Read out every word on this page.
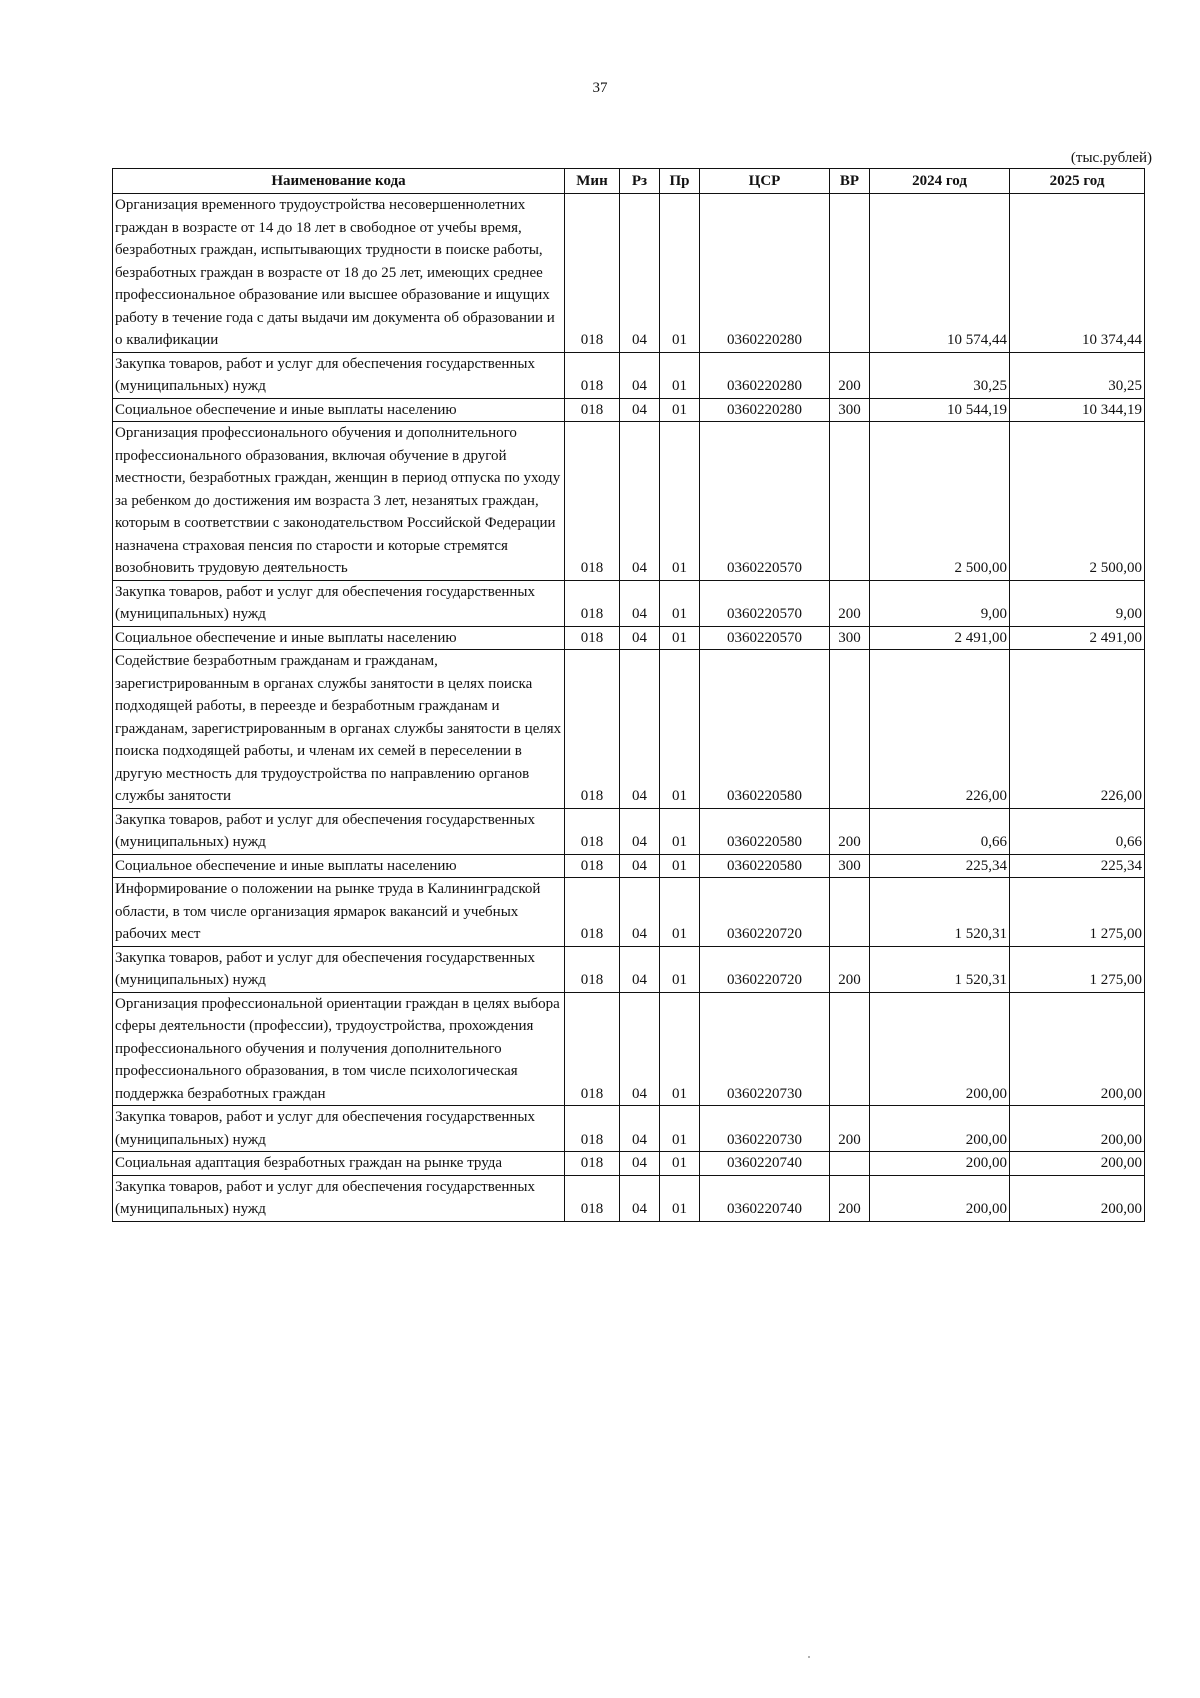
37
(тыс.рублей)
Наименование кода	Мин	Рз	Пр	ЦСР	ВР	2024 год	2025 год
Организация временного трудоустройства несовершеннолетних граждан в возрасте от 14 до 18 лет в свободное от учебы время, безработных граждан, испытывающих трудности в поиске работы, безработных граждан в возрасте от 18 до 25 лет, имеющих среднее профессиональное образование или высшее образование и ищущих работу в течение года с даты выдачи им документа об образовании и о квалификации	018	04	01	0360220280		10 574,44	10 374,44
Закупка товаров, работ и услуг для обеспечения государственных (муниципальных) нужд	018	04	01	0360220280	200	30,25	30,25
Социальное обеспечение и иные выплаты населению	018	04	01	0360220280	300	10 544,19	10 344,19
Организация профессионального обучения и дополнительного профессионального образования, включая обучение в другой местности, безработных граждан, женщин в период отпуска по уходу за ребенком до достижения им возраста 3 лет, незанятых граждан, которым в соответствии с законодательством Российской Федерации назначена страховая пенсия по старости и которые стремятся возобновить трудовую деятельность	018	04	01	0360220570		2 500,00	2 500,00
Закупка товаров, работ и услуг для обеспечения государственных (муниципальных) нужд	018	04	01	0360220570	200	9,00	9,00
Социальное обеспечение и иные выплаты населению	018	04	01	0360220570	300	2 491,00	2 491,00
Содействие безработным гражданам и гражданам, зарегистрированным в органах службы занятости в целях поиска подходящей работы, в переезде и безработным гражданам и гражданам, зарегистрированным в органах службы занятости в целях поиска подходящей работы, и членам их семей в переселении в другую местность для трудоустройства по направлению органов службы занятости	018	04	01	0360220580		226,00	226,00
Закупка товаров, работ и услуг для обеспечения государственных (муниципальных) нужд	018	04	01	0360220580	200	0,66	0,66
Социальное обеспечение и иные выплаты населению	018	04	01	0360220580	300	225,34	225,34
Информирование о положении на рынке труда в Калининградской области, в том числе организация ярмарок вакансий и учебных рабочих мест	018	04	01	0360220720		1 520,31	1 275,00
Закупка товаров, работ и услуг для обеспечения государственных (муниципальных) нужд	018	04	01	0360220720	200	1 520,31	1 275,00
Организация профессиональной ориентации граждан в целях выбора сферы деятельности (профессии), трудоустройства, прохождения профессионального обучения и получения дополнительного профессионального образования, в том числе психологическая поддержка безработных граждан	018	04	01	0360220730		200,00	200,00
Закупка товаров, работ и услуг для обеспечения государственных (муниципальных) нужд	018	04	01	0360220730	200	200,00	200,00
Социальная адаптация безработных граждан на рынке труда	018	04	01	0360220740		200,00	200,00
Закупка товаров, работ и услуг для обеспечения государственных (муниципальных) нужд	018	04	01	0360220740	200	200,00	200,00
